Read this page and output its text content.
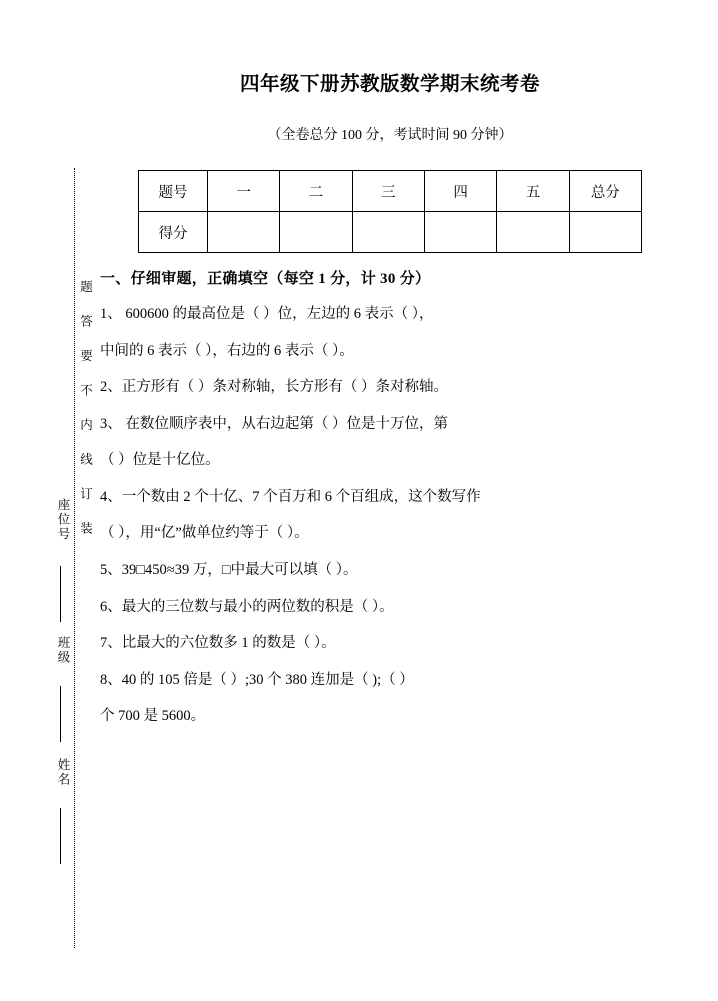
题 答 要 不 内 线 订 装
座位号
班级
姓名
四年级下册苏教版数学期末统考卷
（全卷总分 100 分，考试时间 90 分钟）
题号	一	二	三	四	五	总分
得分						
一、仔细审题，正确填空（每空 1 分，计 30 分）
1、 600600 的最高位是（ ）位，左边的 6 表示（ ），
中间的 6 表示（ ），右边的 6 表示（ ）。
2、正方形有（ ）条对称轴，长方形有（ ）条对称轴。
3、 在数位顺序表中，从右边起第（ ）位是十万位，第
（ ）位是十亿位。
4、一个数由 2 个十亿、7 个百万和 6 个百组成，这个数写作
（ ），用“亿”做单位约等于（ ）。
5、39□450≈39 万，□中最大可以填（ ）。
6、最大的三位数与最小的两位数的积是（ ）。
7、比最大的六位数多 1 的数是（ ）。
8、40 的 105 倍是（ ）;30 个 380 连加是（ );（ ）
个 700 是 5600。
